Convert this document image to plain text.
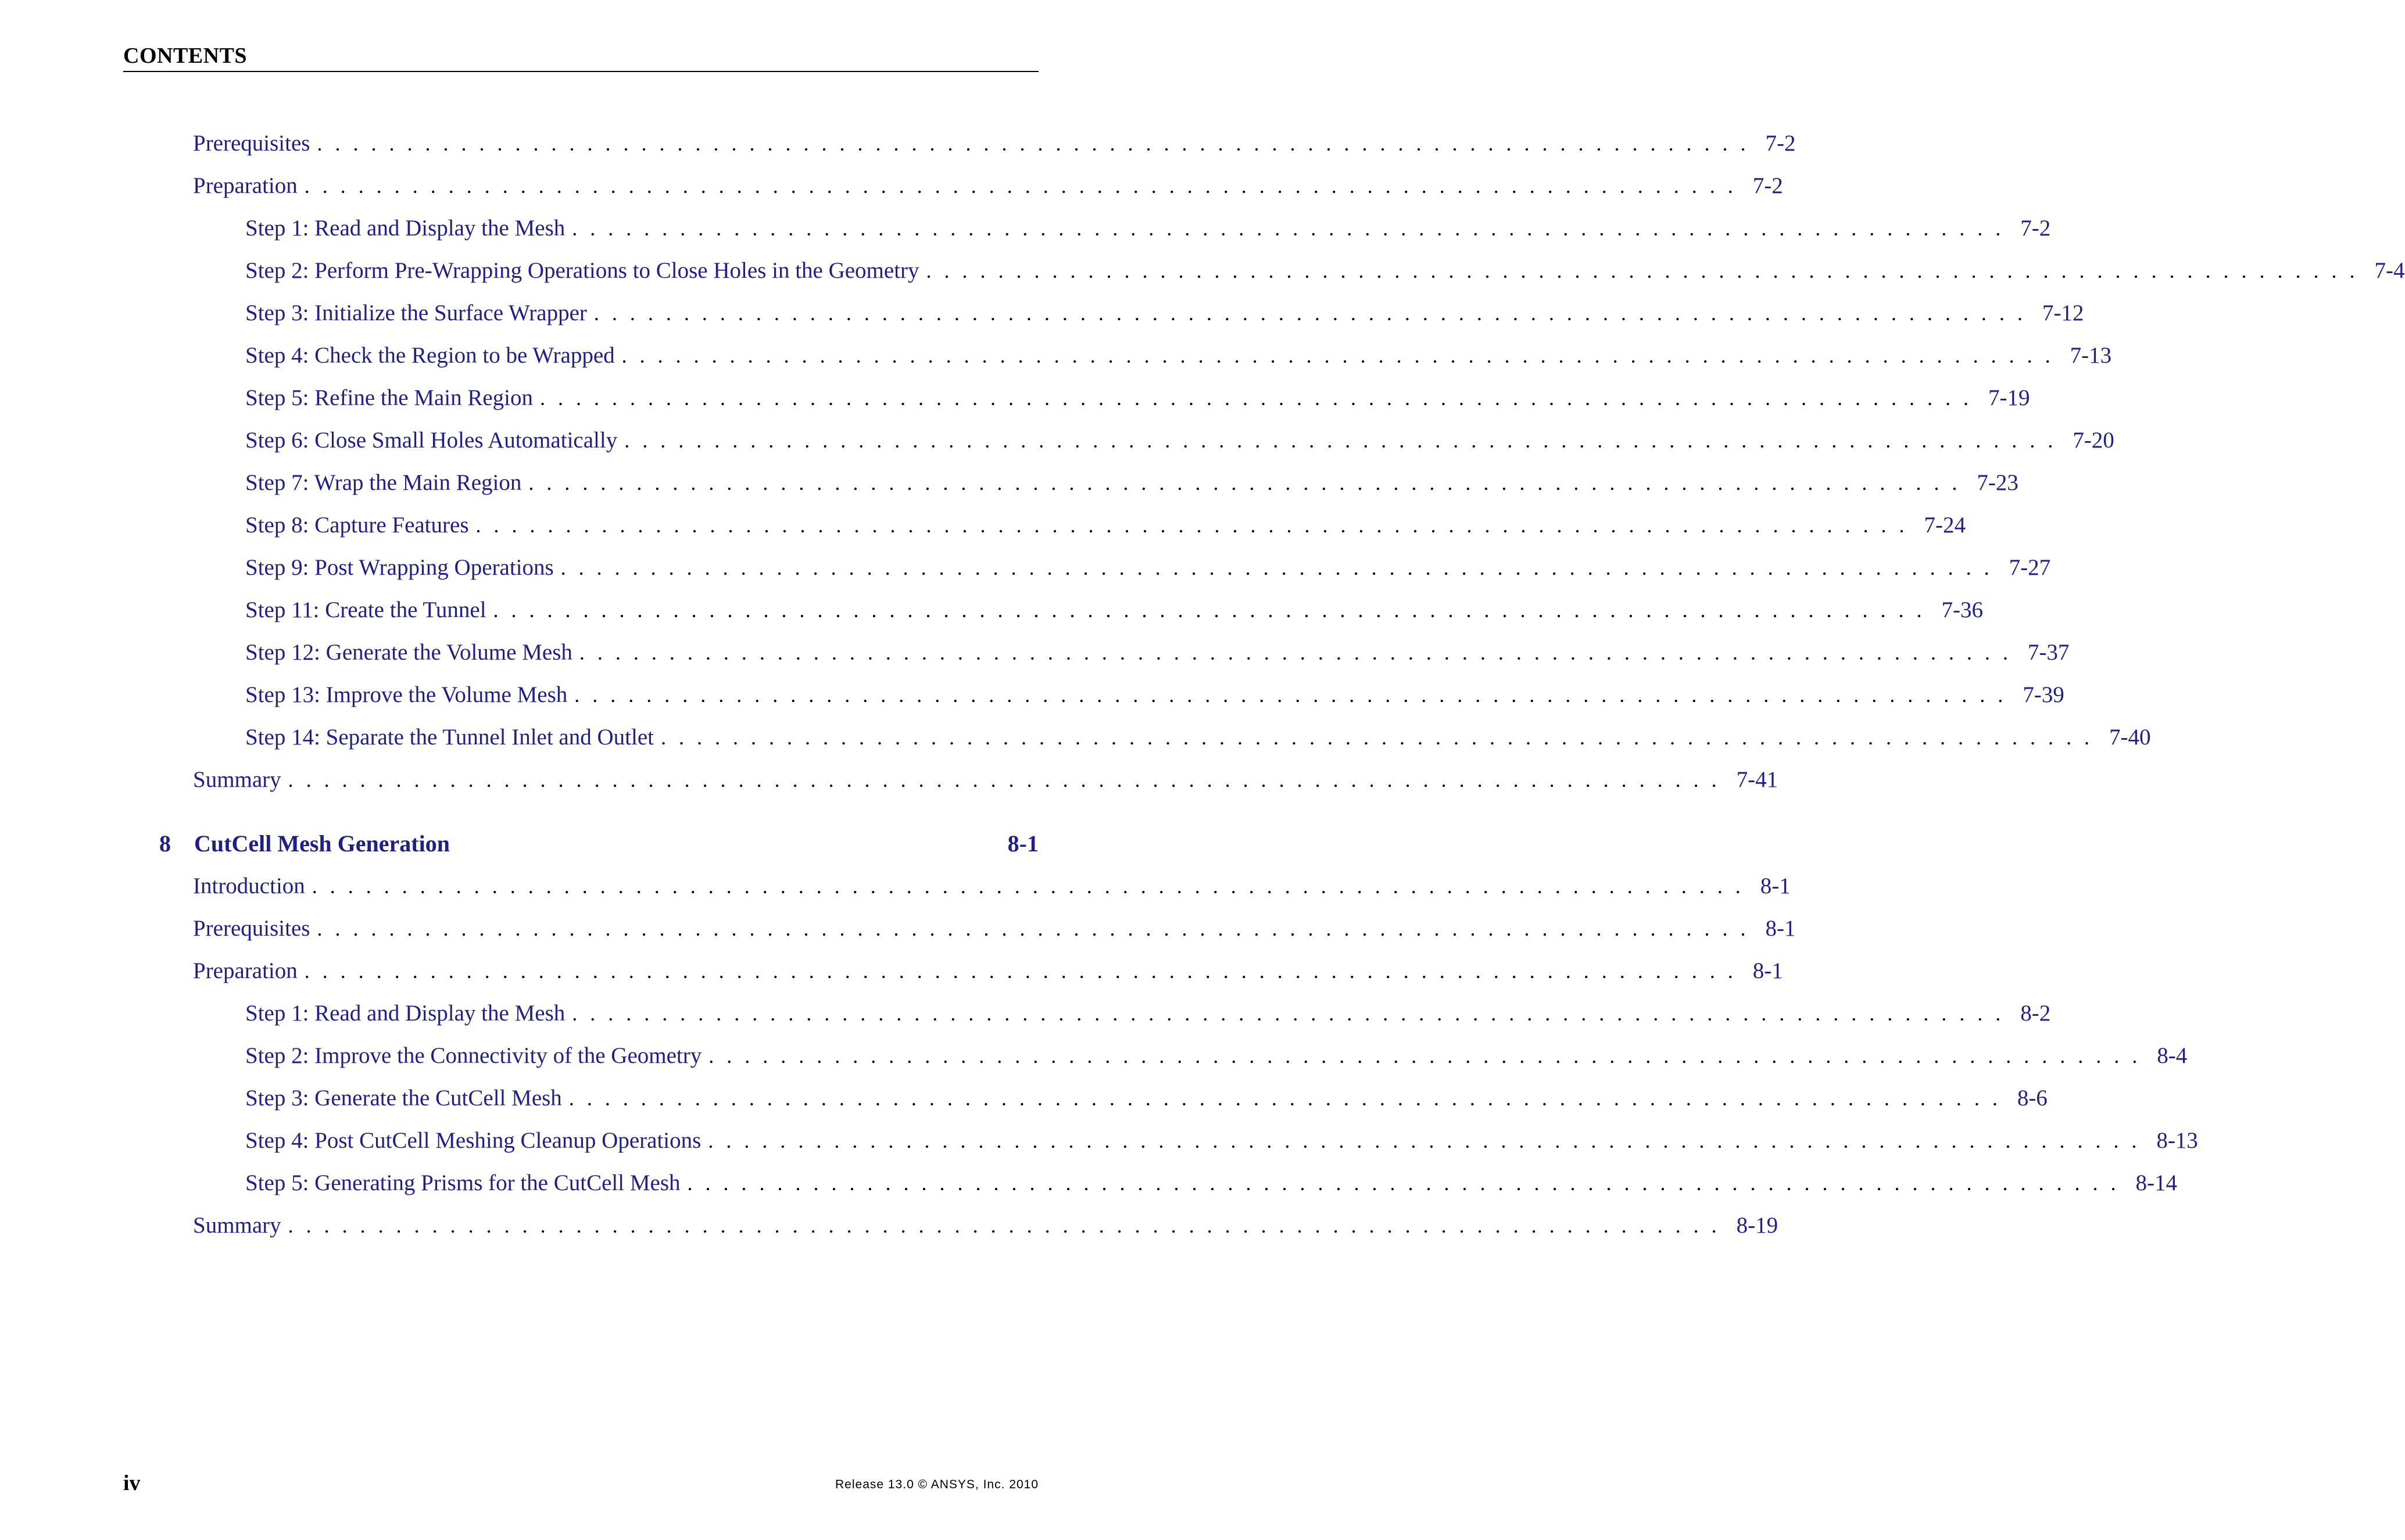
CONTENTS
Prerequisites ................................................................................ 7-2
Preparation ................................................................................ 7-2
Step 1: Read and Display the Mesh ................................................................................ 7-2
Step 2: Perform Pre-Wrapping Operations to Close Holes in the Geometry ................................................................................ 7-4
Step 3: Initialize the Surface Wrapper ................................................................................ 7-12
Step 4: Check the Region to be Wrapped ................................................................................ 7-13
Step 5: Refine the Main Region ................................................................................ 7-19
Step 6: Close Small Holes Automatically ................................................................................ 7-20
Step 7: Wrap the Main Region ................................................................................ 7-23
Step 8: Capture Features ................................................................................ 7-24
Step 9: Post Wrapping Operations ................................................................................ 7-27
Step 11: Create the Tunnel ................................................................................ 7-36
Step 12: Generate the Volume Mesh ................................................................................ 7-37
Step 13: Improve the Volume Mesh ................................................................................ 7-39
Step 14: Separate the Tunnel Inlet and Outlet ................................................................................ 7-40
Summary ................................................................................ 7-41
8	CutCell Mesh Generation	8-1
Introduction ................................................................................ 8-1
Prerequisites ................................................................................ 8-1
Preparation ................................................................................ 8-1
Step 1: Read and Display the Mesh ................................................................................ 8-2
Step 2: Improve the Connectivity of the Geometry ................................................................................ 8-4
Step 3: Generate the CutCell Mesh ................................................................................ 8-6
Step 4: Post CutCell Meshing Cleanup Operations ................................................................................ 8-13
Step 5: Generating Prisms for the CutCell Mesh ................................................................................ 8-14
Summary ................................................................................ 8-19
iv	Release 13.0 © ANSYS, Inc. 2010
